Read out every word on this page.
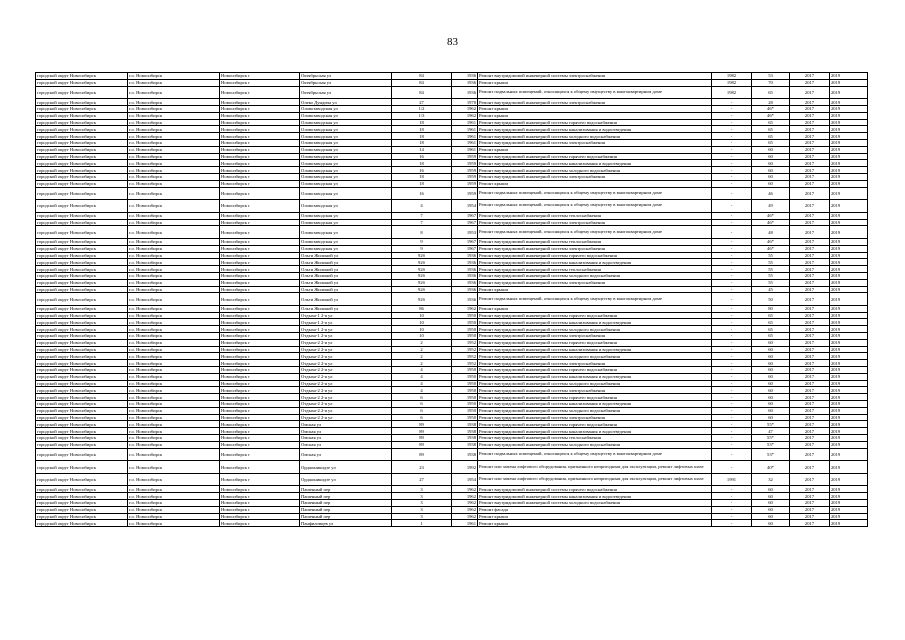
83
городской округ Новосибирск	г.о. Новосибирск	Новосибирск г	Октябрьская ул	84	1936	Ремонт внутридомовой инженерной системы электроснабжения	1982	53	2017	2019
городской округ Новосибирск	г.о. Новосибирск	Новосибирск г	Октябрьская ул	84	1936	Ремонт крыши	1982	70	2017	2019
городской округ Новосибирск	г.о. Новосибирск	Новосибирск г	Октябрьская ул	84	1936	Ремонт подвальных помещений, относящихся к общему имуществу в многоквартирном доме	1982	65	2017	2019
городской округ Новосибирск	г.о. Новосибирск	Новосибирск г	Олеко Дундича ул	27	1970	Ремонт внутридомовой инженерной системы электроснабжения	-	28	2017	2019
городской округ Новосибирск	г.о. Новосибирск	Новосибирск г	Оловозаводская ул	1/2	1962	Ремонт крыши	-	46*	2017	2019
городской округ Новосибирск	г.о. Новосибирск	Новосибирск г	Оловозаводская ул	1/3	1962	Ремонт крыши	-	46*	2017	2019
городской округ Новосибирск	г.о. Новосибирск	Новосибирск г	Оловозаводская ул	18	1961	Ремонт внутридомовой инженерной системы горячего водоснабжения	-	65	2017	2019
городской округ Новосибирск	г.о. Новосибирск	Новосибирск г	Оловозаводская ул	18	1961	Ремонт внутридомовой инженерной системы канализования и водоотведения	-	65	2017	2019
городской округ Новосибирск	г.о. Новосибирск	Новосибирск г	Оловозаводская ул	18	1961	Ремонт внутридомовой инженерной системы холодного водоснабжения	-	65	2017	2019
городской округ Новосибирск	г.о. Новосибирск	Новосибирск г	Оловозаводская ул	18	1961	Ремонт внутридомовой инженерной системы электроснабжения	-	65	2017	2019
городской округ Новосибирск	г.о. Новосибирск	Новосибирск г	Оловозаводская ул	14	1961	Ремонт крыши	-	60	2017	2019
городской округ Новосибирск	г.о. Новосибирск	Новосибирск г	Оловозаводская ул	16	1959	Ремонт внутридомовой инженерной системы горячего водоснабжения	-	60	2017	2019
городской округ Новосибирск	г.о. Новосибирск	Новосибирск г	Оловозаводская ул	18	1959	Ремонт внутридомовой инженерной системы канализования и водоотведения	-	60	2017	2019
городской округ Новосибирск	г.о. Новосибирск	Новосибирск г	Оловозаводская ул	16	1959	Ремонт внутридомовой инженерной системы холодного водоснабжения	-	60	2017	2019
городской округ Новосибирск	г.о. Новосибирск	Новосибирск г	Оловозаводская ул	18	1959	Ремонт внутридомовой инженерной системы электроснабжения	-	60	2017	2019
городской округ Новосибирск	г.о. Новосибирск	Новосибирск г	Оловозаводская ул	18	1959	Ремонт крыши	-	60	2017	2019
городской округ Новосибирск	г.о. Новосибирск	Новосибирск г	Оловозаводская ул	16	1959	Ремонт подвальных помещений, относящихся к общему имуществу в многоквартирном доме	-	46	2017	2019
городской округ Новосибирск	г.о. Новосибирск	Новосибирск г	Оловозаводская ул	4	1954	Ремонт подвальных помещений, относящихся к общему имуществу в многоквартирном доме	-	49	2017	2019
городской округ Новосибирск	г.о. Новосибирск	Новосибирск г	Оловозаводская ул	7	1967	Ремонт внутридомовой инженерной системы теплоснабжения	-	46*	2017	2019
городской округ Новосибирск	г.о. Новосибирск	Новосибирск г	Оловозаводская ул	7	1967	Ремонт внутридомовой инженерной системы электроснабжения	-	46*	2017	2019
городской округ Новосибирск	г.о. Новосибирск	Новосибирск г	Оловозаводская ул	8	1953	Ремонт подвальных помещений, относящихся к общему имуществу в многоквартирном доме	-	48	2017	2019
городской округ Новосибирск	г.о. Новосибирск	Новосибирск г	Оловозаводская ул	9	1967	Ремонт внутридомовой инженерной системы теплоснабжения	-	46*	2017	2019
городской округ Новосибирск	г.о. Новосибирск	Новосибирск г	Оловозаводская ул	9	1967	Ремонт внутридомовой инженерной системы электроснабжения	-	46*	2017	2019
городской округ Новосибирск	г.о. Новосибирск	Новосибирск г	Ольги Жилиной ул	92б	1936	Ремонт внутридомовой инженерной системы горячего водоснабжения	-	55	2017	2019
городской округ Новосибирск	г.о. Новосибирск	Новосибирск г	Ольги Жилиной ул	92б	1936	Ремонт внутридомовой инженерной системы канализования и водоотведения	-	55	2017	2019
городской округ Новосибирск	г.о. Новосибирск	Новосибирск г	Ольги Жилиной ул	92б	1936	Ремонт внутридомовой инженерной системы теплоснабжения	-	55	2017	2019
городской округ Новосибирск	г.о. Новосибирск	Новосибирск г	Ольги Жилиной ул	92б	1936	Ремонт внутридомовой инженерной системы холодного водоснабжения	-	55	2017	2019
городской округ Новосибирск	г.о. Новосибирск	Новосибирск г	Ольги Жилиной ул	92б	1936	Ремонт внутридомовой инженерной системы электроснабжения	-	55	2017	2019
городской округ Новосибирск	г.о. Новосибирск	Новосибирск г	Ольги Жилиной ул	92б	1936	Ремонт крыши	-	45	2017	2019
городской округ Новосибирск	г.о. Новосибирск	Новосибирск г	Ольги Жилиной ул	92б	1936	Ремонт подвальных помещений, относящихся к общему имуществу в многоквартирном доме	-	50	2017	2019
городской округ Новосибирск	г.о. Новосибирск	Новосибирск г	Ольги Жилиной ул	86	1962	Ремонт крыши	-	80	2017	2019
городской округ Новосибирск	г.о. Новосибирск	Новосибирск г	Отдыха-1 2-я ул	10	1950	Ремонт внутридомовой инженерной системы горячего водоснабжения	-	65	2017	2019
городской округ Новосибирск	г.о. Новосибирск	Новосибирск г	Отдыха-1 2-я ул	10	1950	Ремонт внутридомовой инженерной системы канализования и водоотведения	-	65	2017	2019
городской округ Новосибирск	г.о. Новосибирск	Новосибирск г	Отдыха-1 2-я ул	10	1950	Ремонт внутридомовой инженерной системы холодного водоснабжения	-	65	2017	2019
городской округ Новосибирск	г.о. Новосибирск	Новосибирск г	Отдыха-1 2-я ул	10	1950	Ремонт внутридомовой инженерной системы электроснабжения	-	65	2017	2019
городской округ Новосибирск	г.о. Новосибирск	Новосибирск г	Отдыха-2 2-я ул	2	1952	Ремонт внутридомовой инженерной системы горячего водоснабжения	-	60	2017	2019
городской округ Новосибирск	г.о. Новосибирск	Новосибирск г	Отдыха-2 2-я ул	2	1952	Ремонт внутридомовой инженерной системы канализования и водоотведения	-	60	2017	2019
городской округ Новосибирск	г.о. Новосибирск	Новосибирск г	Отдыха-2 2-я ул	2	1952	Ремонт внутридомовой инженерной системы холодного водоснабжения	-	60	2017	2019
городской округ Новосибирск	г.о. Новосибирск	Новосибирск г	Отдыха-2 2-я ул	2	1952	Ремонт внутридомовой инженерной системы электроснабжения	-	60	2017	2019
городской округ Новосибирск	г.о. Новосибирск	Новосибирск г	Отдыха-2 2-я ул	4	1950	Ремонт внутридомовой инженерной системы горячего водоснабжения	-	60	2017	2019
городской округ Новосибирск	г.о. Новосибирск	Новосибирск г	Отдыха-2 2-я ул	4	1950	Ремонт внутридомовой инженерной системы канализования и водоотведения	-	60	2017	2019
городской округ Новосибирск	г.о. Новосибирск	Новосибирск г	Отдыха-2 2-я ул	4	1950	Ремонт внутридомовой инженерной системы холодного водоснабжения	-	60	2017	2019
городской округ Новосибирск	г.о. Новосибирск	Новосибирск г	Отдыха-2 2-я ул	4	1950	Ремонт внутридомовой инженерной системы электроснабжения	-	60	2017	2019
городской округ Новосибирск	г.о. Новосибирск	Новосибирск г	Отдыха-2 2-я ул	6	1950	Ремонт внутридомовой инженерной системы горячего водоснабжения	-	60	2017	2019
городской округ Новосибирск	г.о. Новосибирск	Новосибирск г	Отдыха-2 2-я ул	6	1950	Ремонт внутридомовой инженерной системы канализования и водоотведения	-	60	2017	2019
городской округ Новосибирск	г.о. Новосибирск	Новосибирск г	Отдыха-2 2-я ул	6	1950	Ремонт внутридомовой инженерной системы холодного водоснабжения	-	60	2017	2019
городской округ Новосибирск	г.о. Новосибирск	Новосибирск г	Отдыха-2 2-я ул	6	1950	Ремонт внутридомовой инженерной системы электроснабжения	-	60	2017	2019
городской округ Новосибирск	г.о. Новосибирск	Новосибирск г	Омская ул	89	1938	Ремонт внутридомовой инженерной системы горячего водоснабжения	-	55*	2017	2019
городской округ Новосибирск	г.о. Новосибирск	Новосибирск г	Омская ул	89	1938	Ремонт внутридомовой инженерной системы канализования и водоотведения	-	47	2017	2019
городской округ Новосибирск	г.о. Новосибирск	Новосибирск г	Омская ул	89	1938	Ремонт внутридомовой инженерной системы теплоснабжения	-	55*	2017	2019
городской округ Новосибирск	г.о. Новосибирск	Новосибирск г	Омская ул	89	1938	Ремонт внутридомовой инженерной системы холодного водоснабжения	-	53*	2017	2019
городской округ Новосибирск	г.о. Новосибирск	Новосибирск г	Омская ул	89	1938	Ремонт подвальных помещений, относящихся к общему имуществу в многоквартирном доме	-	53*	2017	2019
городской округ Новосибирск	г.о. Новосибирск	Новосибирск г	Орджоникидзе ул	23	1992	Ремонт или замена лифтового оборудования, признанного непригодным для эксплуатации, ремонт лифтовых шахт	-	40*	2017	2019
городской округ Новосибирск	г.о. Новосибирск	Новосибирск г	Орджоникидзе ул	27	1954	Ремонт или замена лифтового оборудования, признанного непригодным для эксплуатации, ремонт лифтовых шахт	1991	32	2017	2019
городской округ Новосибирск	г.о. Новосибирск	Новосибирск г	Пашенный пер	3	1962	Ремонт внутридомовой инженерной системы горячего водоснабжения	-	60	2017	2019
городской округ Новосибирск	г.о. Новосибирск	Новосибирск г	Пашенный пер	3	1962	Ремонт внутридомовой инженерной системы канализования и водоотведения	-	60	2017	2019
городской округ Новосибирск	г.о. Новосибирск	Новосибирск г	Пашенный пер	3	1962	Ремонт внутридомовой инженерной системы холодного водоснабжения	-	60	2017	2019
городской округ Новосибирск	г.о. Новосибирск	Новосибирск г	Пашенный пер	3	1962	Ремонт фасада	-	60	2017	2019
городской округ Новосибирск	г.о. Новосибирск	Новосибирск г	Пашенный пер	3	1962	Ремонт крыши	-	60	2017	2019
городской округ Новосибирск	г.о. Новосибирск	Новосибирск г	Панфиловцев ул	1	1961	Ремонт крыши	-	60	2017	2019
